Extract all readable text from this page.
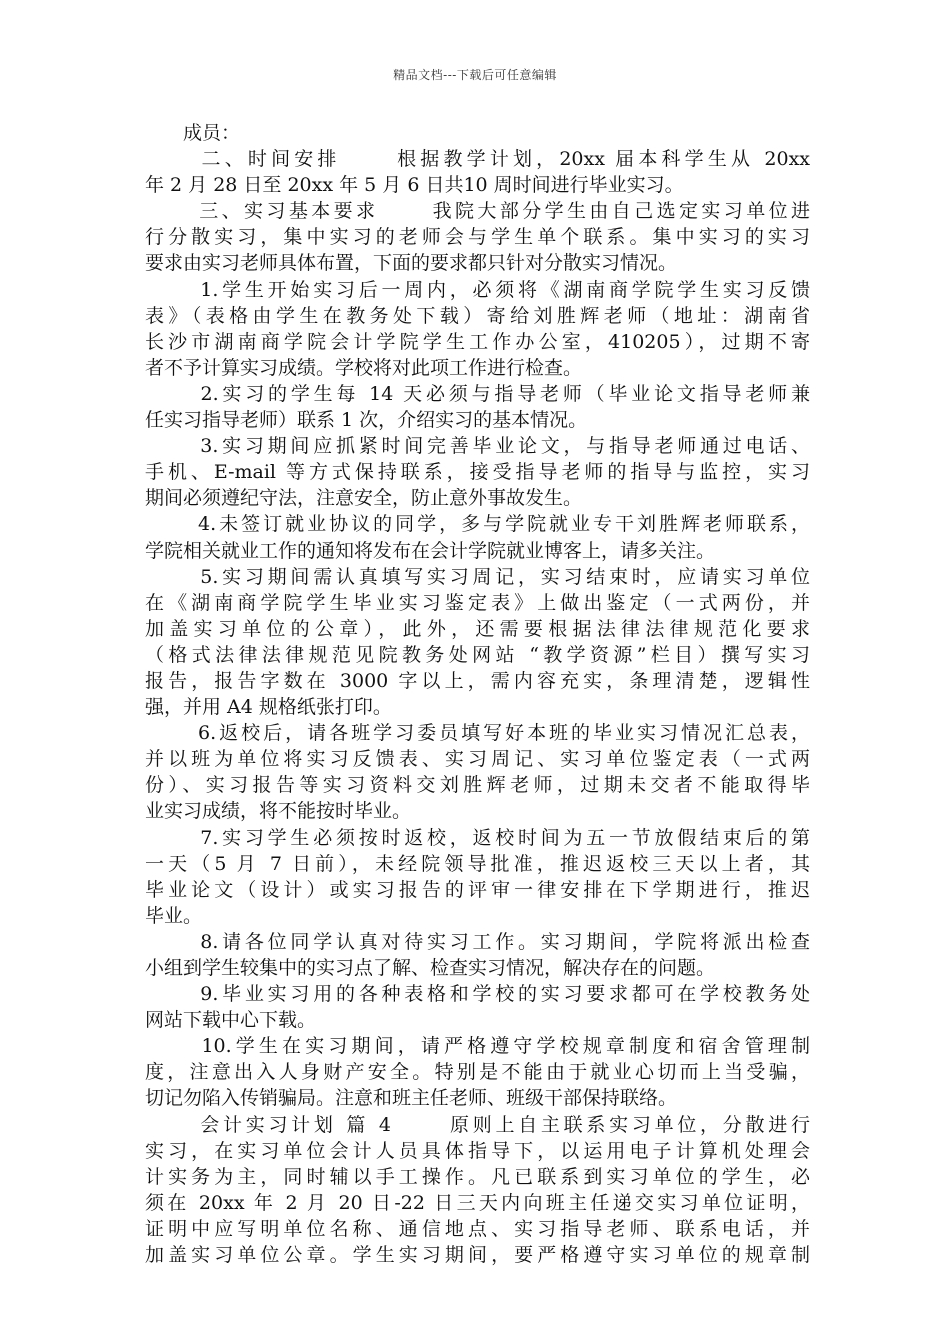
精品文档---下载后可任意编辑
　　成员：
　　 二、时间安排　　 根据教学计划，20xx 届本科学生从 20xx
年 2 月 28 日至 20xx 年 5 月 6 日共10 周时间进行毕业实习。
　　 三、实习基本要求　　 我院大部分学生由自己选定实习单位进
行分散实习，集中实习的老师会与学生单个联系。集中实习的实习
要求由实习老师具体布置，下面的要求都只针对分散实习情况。
　　 1.学生开始实习后一周内，必须将《湖南商学院学生实习反馈
表》（表格由学生在教务处下载）寄给刘胜辉老师（地址：湖南省
长沙市湖南商学院会计学院学生工作办公室，410205），过期不寄
者不予计算实习成绩。学校将对此项工作进行检查。
　　 2.实习的学生每 14 天必须与指导老师（毕业论文指导老师兼
任实习指导老师）联系 1 次，介绍实习的基本情况。
　　 3.实习期间应抓紧时间完善毕业论文，与指导老师通过电话、
手机、E-mail 等方式保持联系，接受指导老师的指导与监控，实习
期间必须遵纪守法，注意安全，防止意外事故发生。
　　 4.未签订就业协议的同学，多与学院就业专干刘胜辉老师联系，
学院相关就业工作的通知将发布在会计学院就业博客上，请多关注。
　　 5.实习期间需认真填写实习周记，实习结束时，应请实习单位
在《湖南商学院学生毕业实习鉴定表》上做出鉴定（一式两份，并
加盖实习单位的公章），此外，还需要根据法律法律规范化要求
（格式法律法律规范见院教务处网站 “教学资源”栏目）撰写实习
报告，报告字数在 3000 字以上，需内容充实，条理清楚，逻辑性
强，并用 A4 规格纸张打印。
　　 6.返校后，请各班学习委员填写好本班的毕业实习情况汇总表，
并以班为单位将实习反馈表、实习周记、实习单位鉴定表（一式两
份）、实习报告等实习资料交刘胜辉老师，过期未交者不能取得毕
业实习成绩，将不能按时毕业。
　　 7.实习学生必须按时返校，返校时间为五一节放假结束后的第
一天（5 月 7 日前），未经院领导批准，推迟返校三天以上者，其
毕业论文（设计）或实习报告的评审一律安排在下学期进行，推迟
毕业。
　　 8.请各位同学认真对待实习工作。实习期间，学院将派出检查
小组到学生较集中的实习点了解、检查实习情况，解决存在的问题。
　　 9.毕业实习用的各种表格和学校的实习要求都可在学校教务处
网站下载中心下载。
　　 10.学生在实习期间，请严格遵守学校规章制度和宿舍管理制
度，注意出入人身财产安全。特别是不能由于就业心切而上当受骗，
切记勿陷入传销骗局。注意和班主任老师、班级干部保持联络。
　　 会计实习计划 篇 4　　 原则上自主联系实习单位，分散进行
实习，在实习单位会计人员具体指导下，以运用电子计算机处理会
计实务为主，同时辅以手工操作。凡已联系到实习单位的学生，必
须在 20xx 年 2 月 20 日-22 日三天内向班主任递交实习单位证明，
证明中应写明单位名称、通信地点、实习指导老师、联系电话，并
加盖实习单位公章。学生实习期间，要严格遵守实习单位的规章制
